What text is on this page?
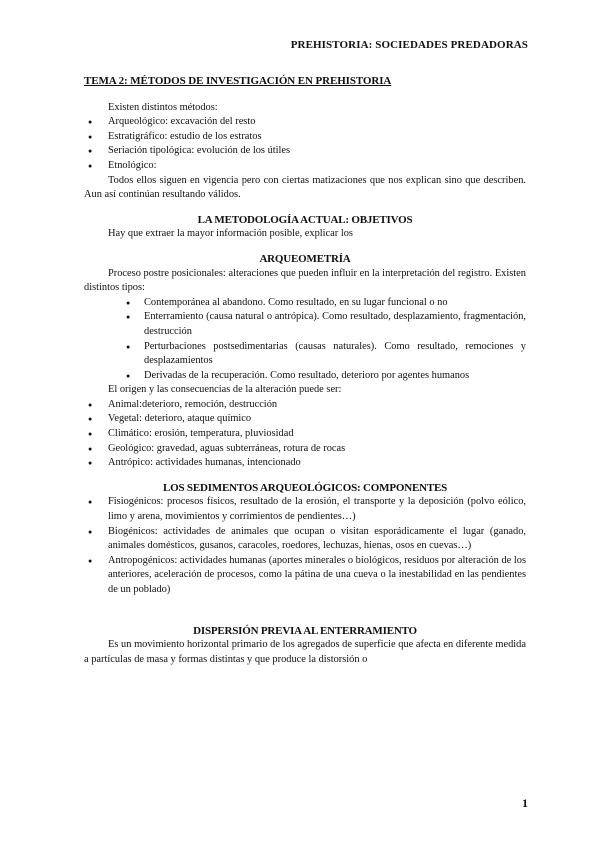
PREHISTORIA: SOCIEDADES PREDADORAS

TEMA 2: MÉTODOS DE INVESTIGACIÓN EN PREHISTORIA

Existen distintos métodos:

● Arqueológico: excavación del resto
● Estratigráfico: estudio de los estratos
● Seriación tipológica: evolución de los útiles
● Etnológico:

Todos ellos siguen en vigencia pero con ciertas matizaciones que nos explican sino que describen. Aun así continúan resultando válidos.

LA METODOLOGÍA ACTUAL: OBJETIVOS

Hay que extraer la mayor información posible, explicar los

ARQUEOMETRÍA

Proceso postre posicionales: alteraciones que pueden influir en la interpretación del registro. Existen distintos tipos:

● Contemporánea al abandono. Como resultado, en su lugar funcional o no
● Enterramiento (causa natural o antrópica). Como resultado, desplazamiento, fragmentación, destrucción
● Perturbaciones postsedimentarias (causas naturales). Como resultado, remociones y desplazamientos
● Derivadas de la recuperación. Como resultado, deterioro por agentes humanos

El origen y las consecuencias de la alteración puede ser:

● Animal:deterioro, remoción, destrucción
● Vegetal: deterioro, ataque químico
● Climático: erosión, temperatura, pluviosidad
● Geológico: gravedad, aguas subterráneas, rotura de rocas
● Antrópico: actividades humanas, intencionado

LOS SEDIMENTOS ARQUEOLÓGICOS: COMPONENTES

● Fisiogénicos: procesos físicos, resultado de la erosión, el transporte y la deposición (polvo eólico, limo y arena, movimientos y corrimientos de pendientes…)
● Biogénicos: actividades de animales que ocupan o visitan esporádicamente el lugar (ganado, animales domésticos, gusanos, caracoles, roedores, lechuzas, hienas, osos en cuevas…)
● Antropogénicos: actividades humanas (aportes minerales o biológicos, residuos por alteración de los anteriores, aceleración de procesos, como la pátina de una cueva o la inestabilidad en las pendientes de un poblado)

DISPERSIÓN PREVIA AL ENTERRAMIENTO

Es un movimiento horizontal primario de los agregados de superficie que afecta en diferente medida a partículas de masa y formas distintas y que produce la distorsión o

1
